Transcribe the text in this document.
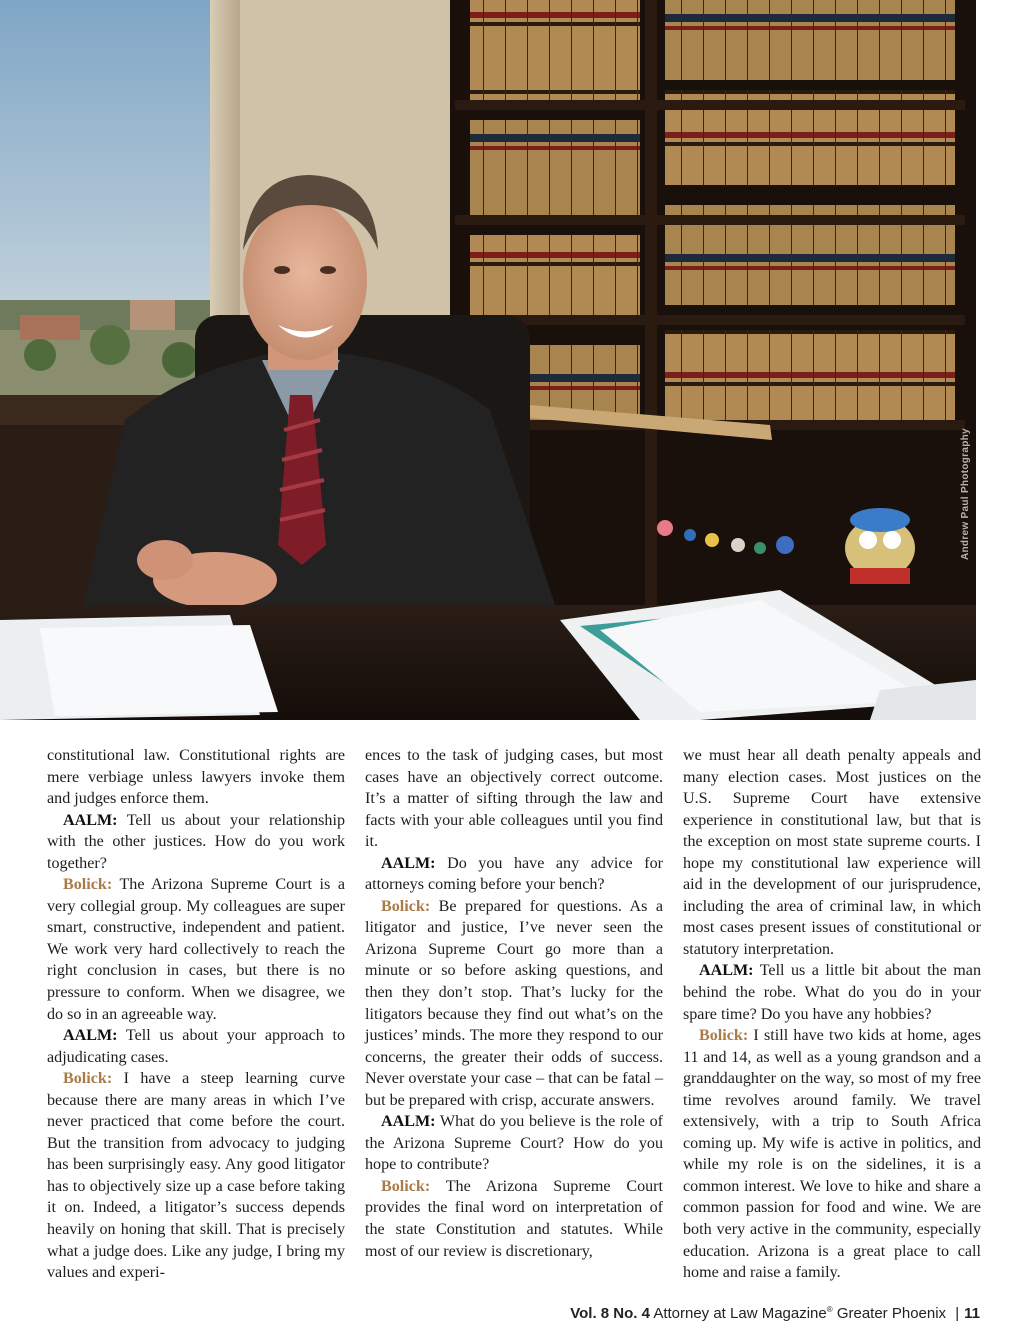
Andrew Paul Photography

constitutional law. Constitutional rights are mere verbiage unless lawyers invoke them and judges enforce them.

AALM: Tell us about your relationship with the other justices. How do you work together?

Bolick: The Arizona Supreme Court is a very collegial group. My colleagues are super smart, constructive, independent and patient. We work very hard collectively to reach the right conclusion in cases, but there is no pressure to conform. When we disagree, we do so in an agreeable way.

AALM: Tell us about your approach to adjudicating cases.

Bolick: I have a steep learning curve because there are many areas in which I’ve never practiced that come before the court. But the transition from advocacy to judging has been surprisingly easy. Any good litigator has to objectively size up a case before taking it on. Indeed, a litigator’s success depends heavily on honing that skill. That is precisely what a judge does. Like any judge, I bring my values and experi-

ences to the task of judging cases, but most cases have an objectively correct outcome. It’s a matter of sifting through the law and facts with your able colleagues until you find it.

AALM: Do you have any advice for attorneys coming before your bench?

Bolick: Be prepared for questions. As a litigator and justice, I’ve never seen the Arizona Supreme Court go more than a minute or so before asking questions, and then they don’t stop. That’s lucky for the litigators because they find out what’s on the justices’ minds. The more they respond to our concerns, the greater their odds of success. Never overstate your case – that can be fatal – but be prepared with crisp, accurate answers.

AALM: What do you believe is the role of the Arizona Supreme Court? How do you hope to contribute?

Bolick: The Arizona Supreme Court provides the final word on interpretation of the state Constitution and statutes. While most of our review is discretionary,

we must hear all death penalty appeals and many election cases. Most justices on the U.S. Supreme Court have extensive experience in constitutional law, but that is the exception on most state supreme courts. I hope my constitutional law experience will aid in the development of our jurisprudence, including the area of criminal law, in which most cases present issues of constitutional or statutory interpretation.

AALM: Tell us a little bit about the man behind the robe. What do you do in your spare time? Do you have any hobbies?

Bolick: I still have two kids at home, ages 11 and 14, as well as a young grandson and a granddaughter on the way, so most of my free time revolves around family. We travel extensively, with a trip to South Africa coming up. My wife is active in politics, and while my role is on the sidelines, it is a common interest. We love to hike and share a common passion for food and wine. We are both very active in the community, especially education. Arizona is a great place to call home and raise a family.

Vol. 8 No. 4 Attorney at Law Magazine® Greater Phoenix | 11
